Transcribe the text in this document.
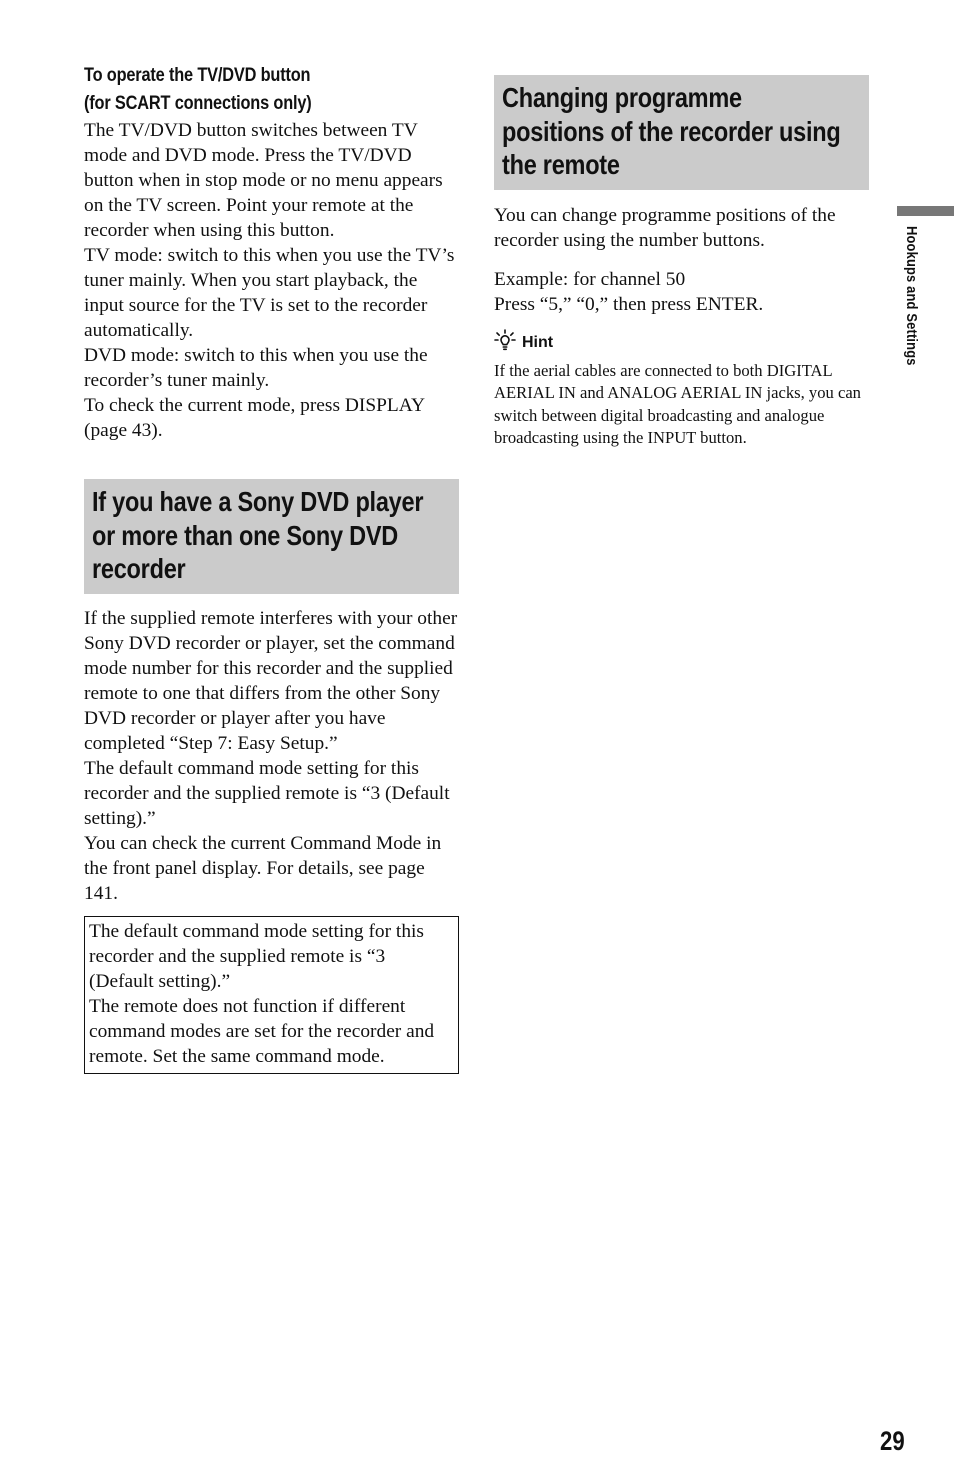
To operate the TV/DVD button

(for SCART connections only)

The TV/DVD button switches between TV mode and DVD mode. Press the TV/DVD button when in stop mode or no menu appears on the TV screen. Point your remote at the recorder when using this button.

TV mode: switch to this when you use the TV’s tuner mainly. When you start playback, the input source for the TV is set to the recorder automatically.

DVD mode: switch to this when you use the recorder’s tuner mainly.

To check the current mode, press DISPLAY (page 43).

If you have a Sony DVD player

or more than one Sony DVD

recorder

If the supplied remote interferes with your other Sony DVD recorder or player, set the command mode number for this recorder and the supplied remote to one that differs from the other Sony DVD recorder or player after you have completed “Step 7: Easy Setup.”

The default command mode setting for this recorder and the supplied remote is “3 (Default setting).”

You can check the current Command Mode in the front panel display. For details, see page 141.

The default command mode setting for this recorder and the supplied remote is “3 (Default setting).”

The remote does not function if different command modes are set for the recorder and remote. Set the same command mode.

Changing programme

positions of the recorder using

the remote

You can change programme positions of the recorder using the number buttons.

Example: for channel 50

Press “5,” “0,” then press ENTER.

Hint

If the aerial cables are connected to both DIGITAL AERIAL IN and ANALOG AERIAL IN jacks, you can switch between digital broadcasting and analogue broadcasting using the INPUT button.

Hookups and Settings
29
